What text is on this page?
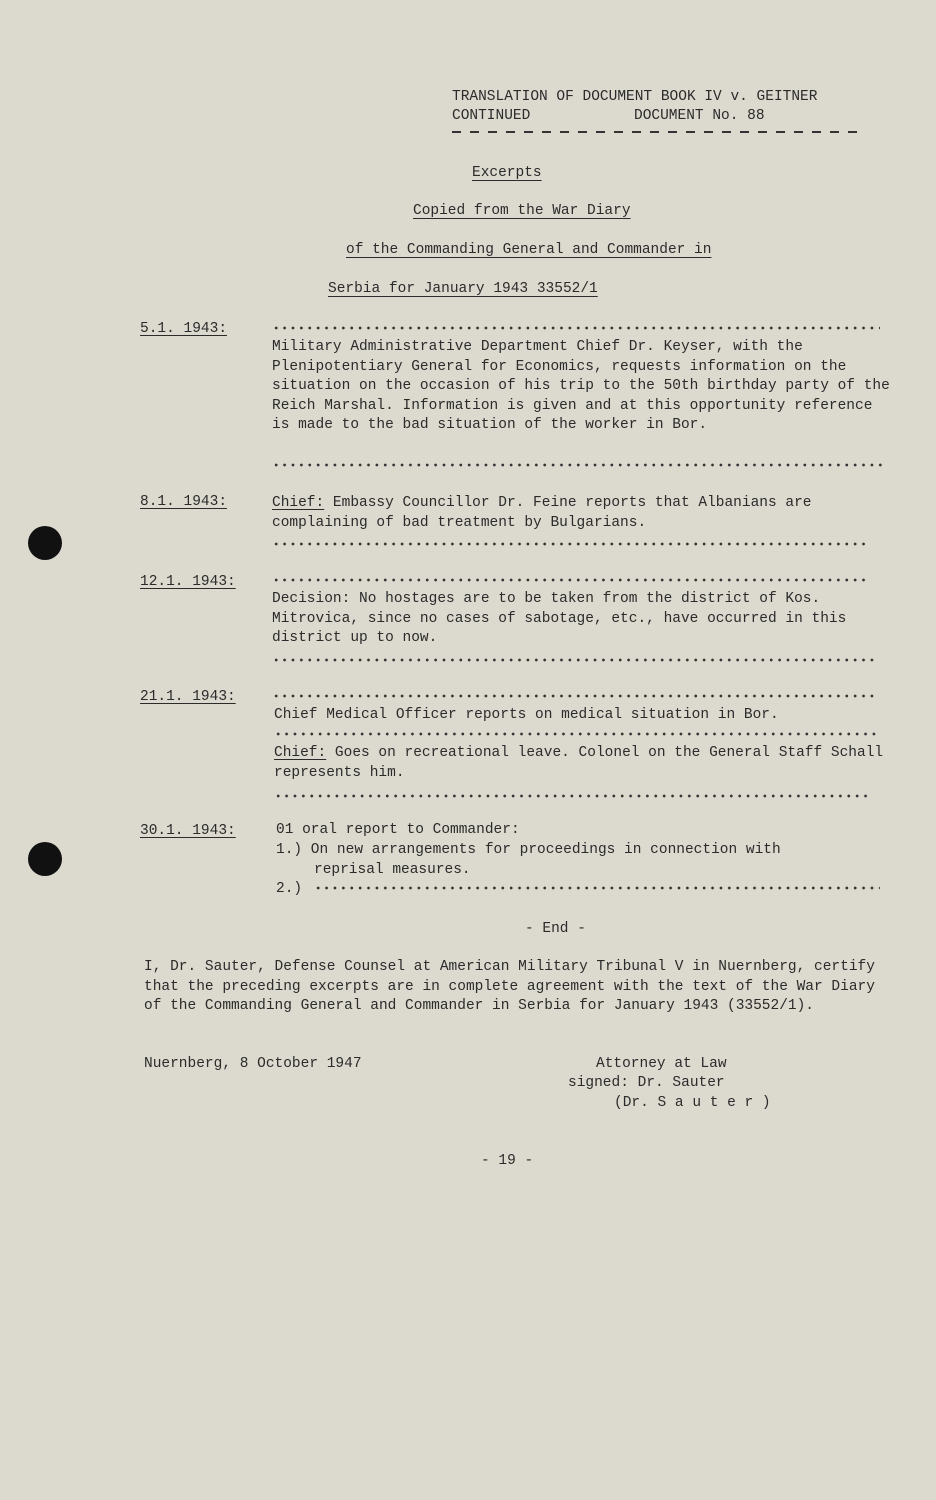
TRANSLATION OF DOCUMENT BOOK IV v. GEITNER
CONTINUED	DOCUMENT No. 88
Excerpts
Copied from the War Diary
of the Commanding General and Commander in
Serbia for January 1943 33552/1
5.1. 1943:
Military Administrative Department Chief Dr. Keyser, with the Plenipotentiary General for Economics, requests information on the situation on the occasion of his trip to the 50th birthday party of the Reich Marshal. Information is given and at this opportunity reference is made to the bad situation of the worker in Bor.
8.1. 1943:	Chief: Embassy Councillor Dr. Feine reports that Albanians are complaining of bad treatment by Bulgarians.
12.1. 1943:
Decision: No hostages are to be taken from the district of Kos. Mitrovica, since no cases of sabotage, etc., have occurred in this district up to now.
21.1. 1943:
Chief Medical Officer reports on medical situation in Bor.
Chief: Goes on recreational leave. Colonel on the General Staff Schall represents him.
30.1. 1943:	01 oral report to Commander:
1.) On new arrangements for proceedings in connection with
reprisal measures.
2.)
- End -
I, Dr. Sauter, Defense Counsel at American Military Tribunal V in Nuernberg, certify that the preceding excerpts are in complete agreement with the text of the War Diary of the Commanding General and Commander in Serbia for January 1943 (33552/1).
Nuernberg, 8 October 1947	Attorney at Law
signed: Dr. Sauter
(Dr. S a u t e r )
- 19 -
